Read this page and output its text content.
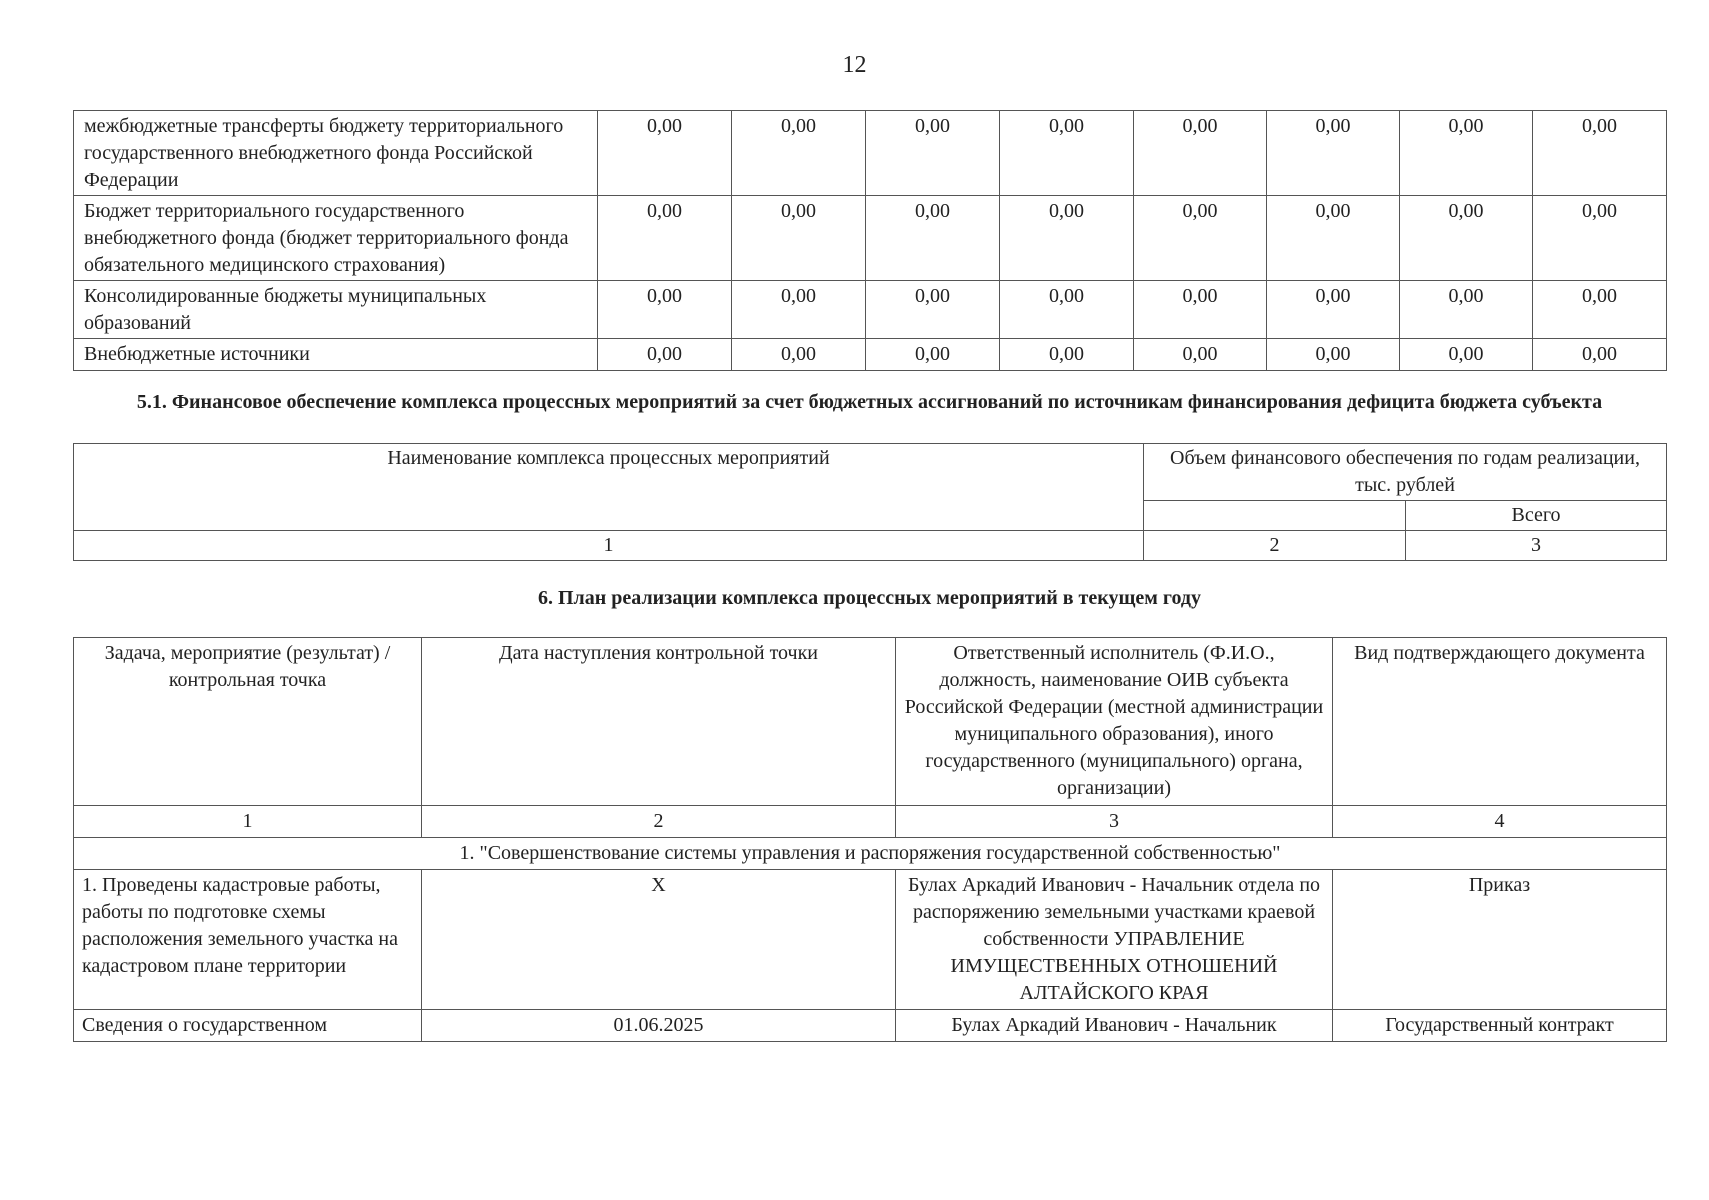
12
межбюджетные трансферты бюджету территориального государственного внебюджетного фонда Российской Федерации	0,00	0,00	0,00	0,00	0,00	0,00	0,00	0,00
Бюджет территориального государственного внебюджетного фонда (бюджет территориального фонда обязательного медицинского страхования)	0,00	0,00	0,00	0,00	0,00	0,00	0,00	0,00
Консолидированные бюджеты муниципальных образований	0,00	0,00	0,00	0,00	0,00	0,00	0,00	0,00
Внебюджетные источники	0,00	0,00	0,00	0,00	0,00	0,00	0,00	0,00
5.1. Финансовое обеспечение комплекса процессных мероприятий за счет бюджетных ассигнований по источникам финансирования дефицита бюджета субъекта
Наименование комплекса процессных мероприятий	Объем финансового обеспечения по годам реализации, тыс. рублей	
		Всего
1	2	3
6. План реализации комплекса процессных мероприятий в текущем году
Задача, мероприятие (результат) / контрольная точка	Дата наступления контрольной точки	Ответственный исполнитель (Ф.И.О., должность, наименование ОИВ субъекта Российской Федерации (местной администрации муниципального образования), иного государственного (муниципального) органа, организации)	Вид подтверждающего документа
1	2	3	4
1. "Совершенствование системы управления и распоряжения государственной собственностью"			
1. Проведены кадастровые работы, работы по подготовке схемы расположения земельного участка на кадастровом плане территории	X	Булах Аркадий Иванович - Начальник отдела по распоряжению земельными участками краевой собственности УПРАВЛЕНИЕ ИМУЩЕСТВЕННЫХ ОТНОШЕНИЙ АЛТАЙСКОГО КРАЯ	Приказ
Сведения о государственном	01.06.2025	Булах Аркадий Иванович - Начальник	Государственный контракт
